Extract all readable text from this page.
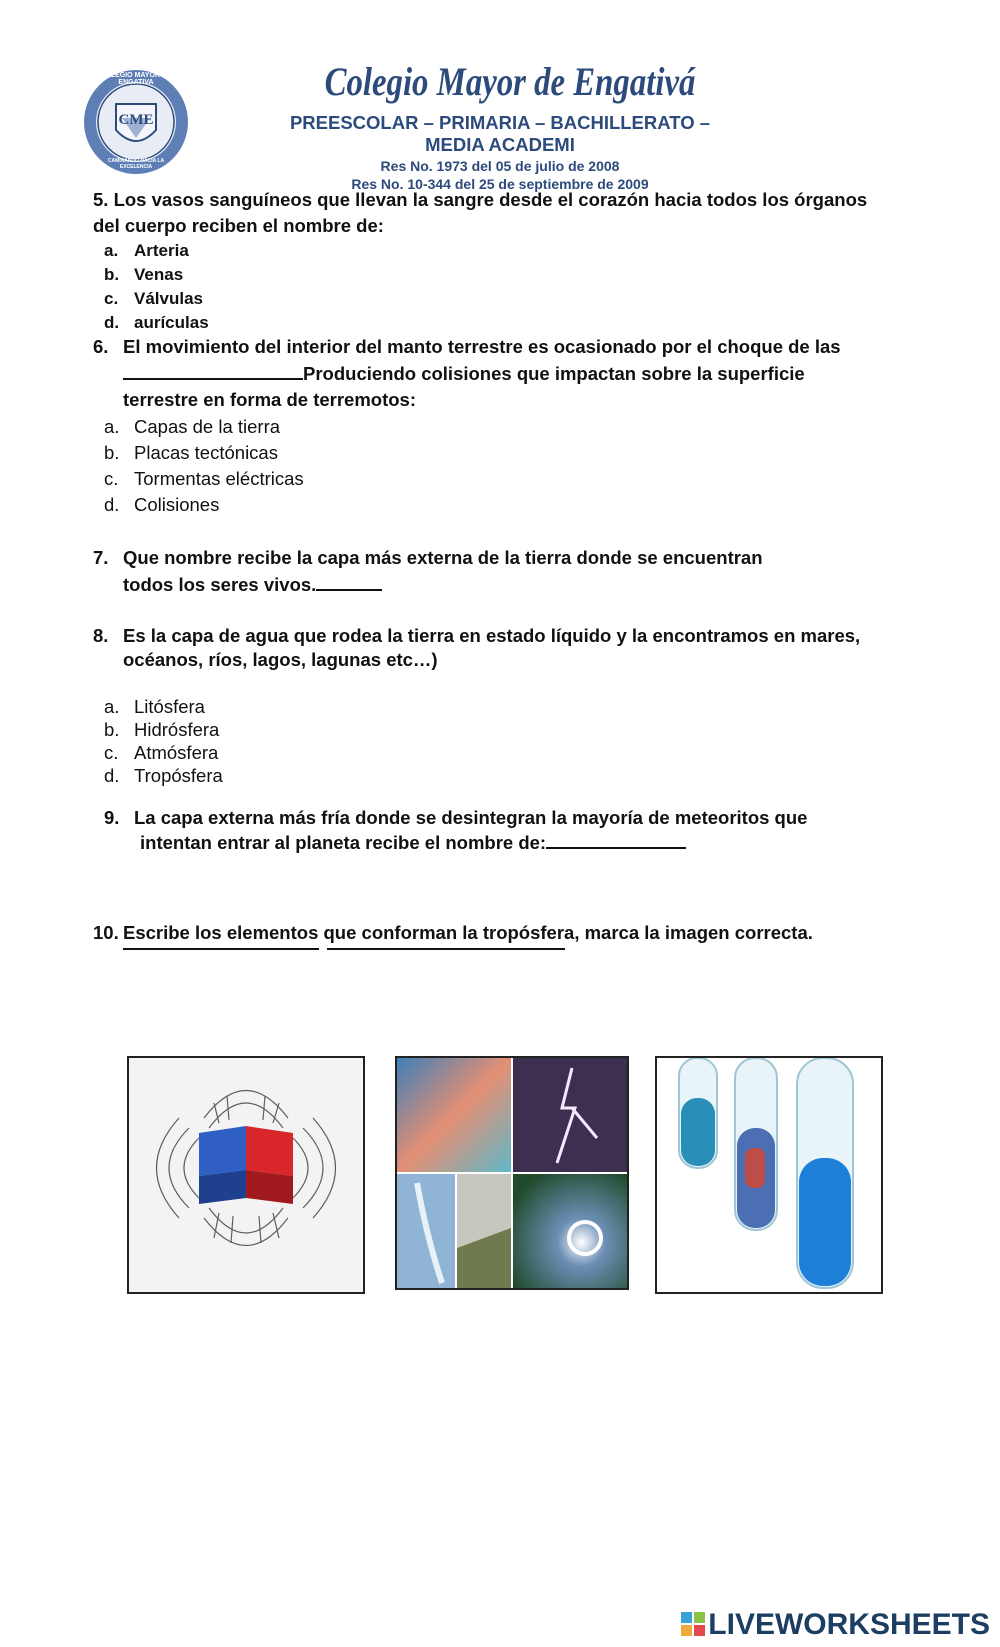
COLEGIO MAYOR DE ENGATIVA
CME
CAMINANDO HACIA LA EXCELENCIA
Colegio Mayor de Engativá
PREESCOLAR – PRIMARIA – BACHILLERATO –
MEDIA ACADEMI
Res No. 1973 del 05 de julio de 2008
Res No. 10-344 del 25 de septiembre de 2009
5. Los vasos sanguíneos que llevan la sangre desde el corazón hacia todos los órganos
del cuerpo reciben el nombre de:
a. Arteria
b. Venas
c. Válvulas
d. aurículas
6. El movimiento del interior del manto terrestre es ocasionado por el choque de las
Produciendo colisiones que impactan sobre la superficie
terrestre en forma de terremotos:
a. Capas de la tierra
b. Placas tectónicas
c. Tormentas eléctricas
d. Colisiones
7. Que nombre recibe la capa más externa de la tierra donde se encuentran
todos los seres vivos.
8. Es la capa de agua que rodea la tierra en estado líquido y la encontramos en mares,
océanos, ríos, lagos, lagunas etc…)
a. Litósfera
b. Hidrósfera
c. Atmósfera
d. Tropósfera
9. La capa externa más fría donde se desintegran la mayoría de meteoritos que
intentan entrar al planeta recibe el nombre de:
10. Escribe los elementos que conforman la tropósfera, marca la imagen correcta.
LIVEWORKSHEETS
